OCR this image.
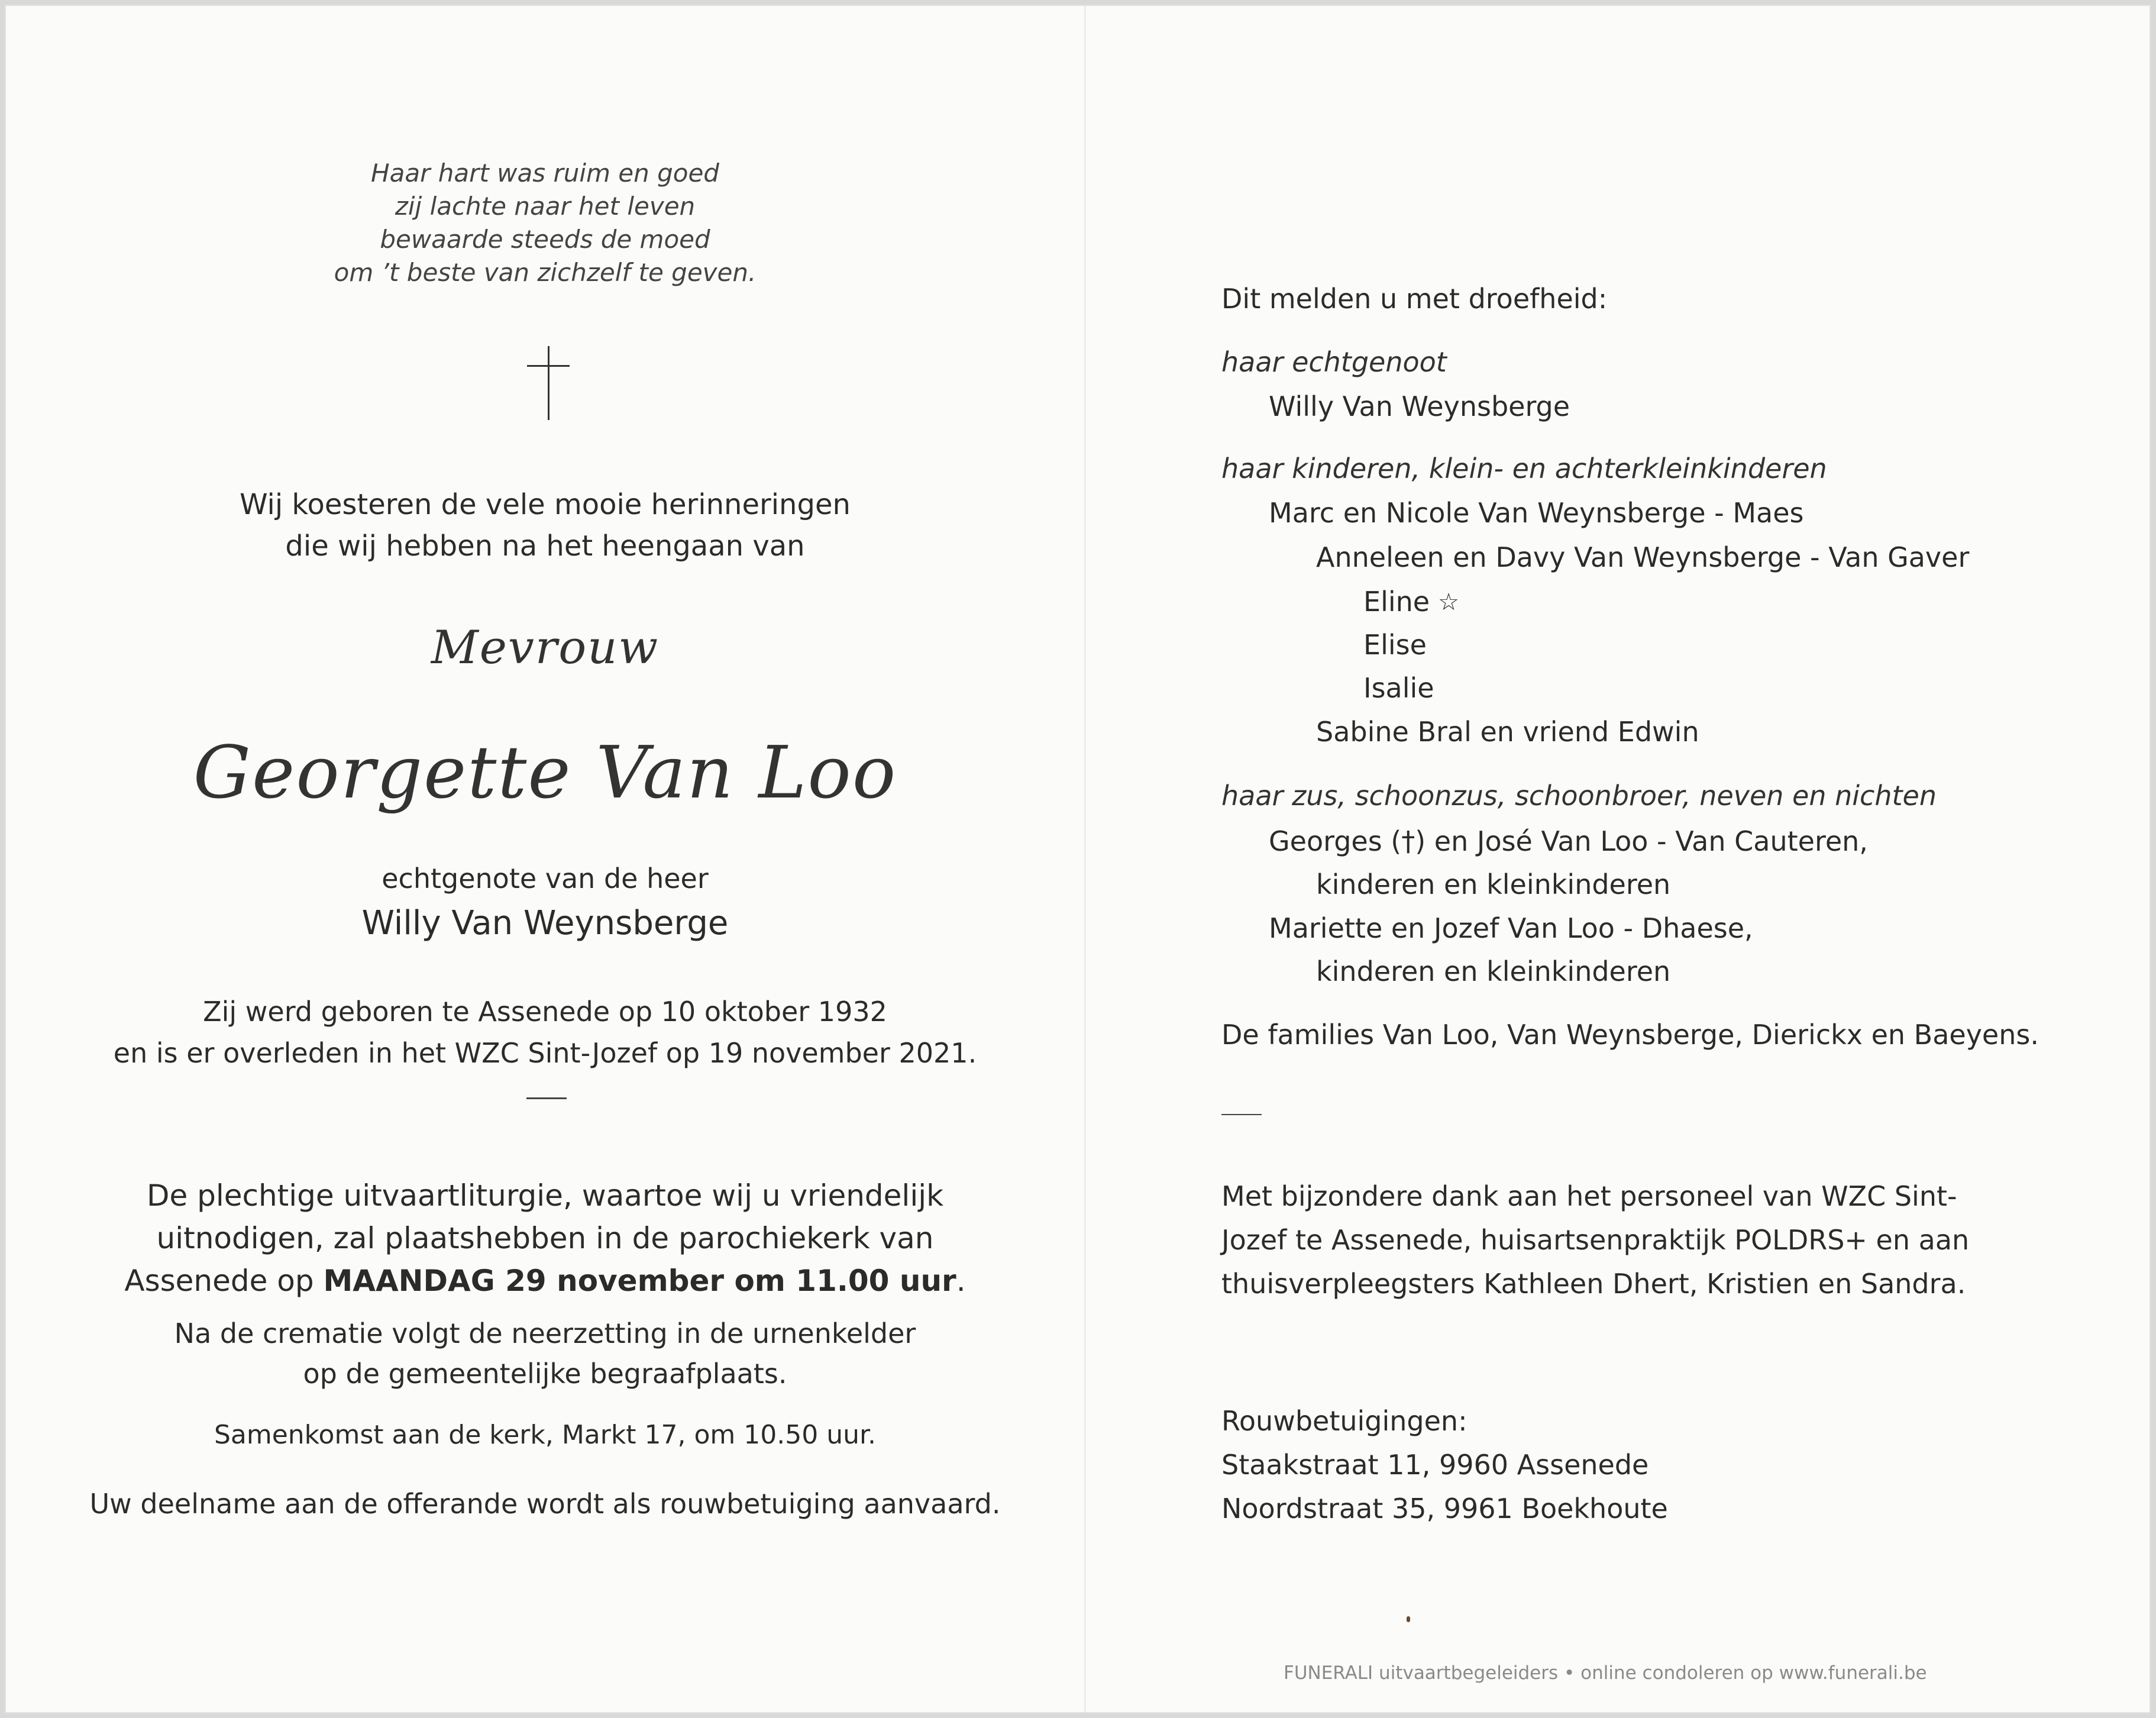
Haar hart was ruim en goed
zij lachte naar het leven
bewaarde steeds de moed
om ’t beste van zichzelf te geven.
Wij koesteren de vele mooie herinneringen
die wij hebben na het heengaan van
Mevrouw
Georgette Van Loo
echtgenote van de heer
Willy Van Weynsberge
Zij werd geboren te Assenede op 10 oktober 1932
en is er overleden in het WZC Sint-Jozef op 19 november 2021.
De plechtige uitvaartliturgie, waartoe wij u vriendelijk
uitnodigen, zal plaatshebben in de parochiekerk van
Assenede op MAANDAG 29 november om 11.00 uur.
Na de crematie volgt de neerzetting in de urnenkelder
op de gemeentelijke begraafplaats.
Samenkomst aan de kerk, Markt 17, om 10.50 uur.
Uw deelname aan de offerande wordt als rouwbetuiging aanvaard.
Dit melden u met droefheid:
haar echtgenoot
Willy Van Weynsberge
haar kinderen, klein- en achterkleinkinderen
Marc en Nicole Van Weynsberge - Maes
Anneleen en Davy Van Weynsberge - Van Gaver
Eline ☆
Elise
Isalie
Sabine Bral en vriend Edwin
haar zus, schoonzus, schoonbroer, neven en nichten
Georges (†) en José Van Loo - Van Cauteren,
kinderen en kleinkinderen
Mariette en Jozef Van Loo - Dhaese,
kinderen en kleinkinderen
De families Van Loo, Van Weynsberge, Dierickx en Baeyens.
Met bijzondere dank aan het personeel van WZC Sint-
Jozef te Assenede, huisartsenpraktijk POLDRS+ en aan
thuisverpleegsters Kathleen Dhert, Kristien en Sandra.
Rouwbetuigingen:
Staakstraat 11, 9960 Assenede
Noordstraat 35, 9961 Boekhoute
FUNERALI uitvaartbegeleiders • online condoleren op www.funerali.be
